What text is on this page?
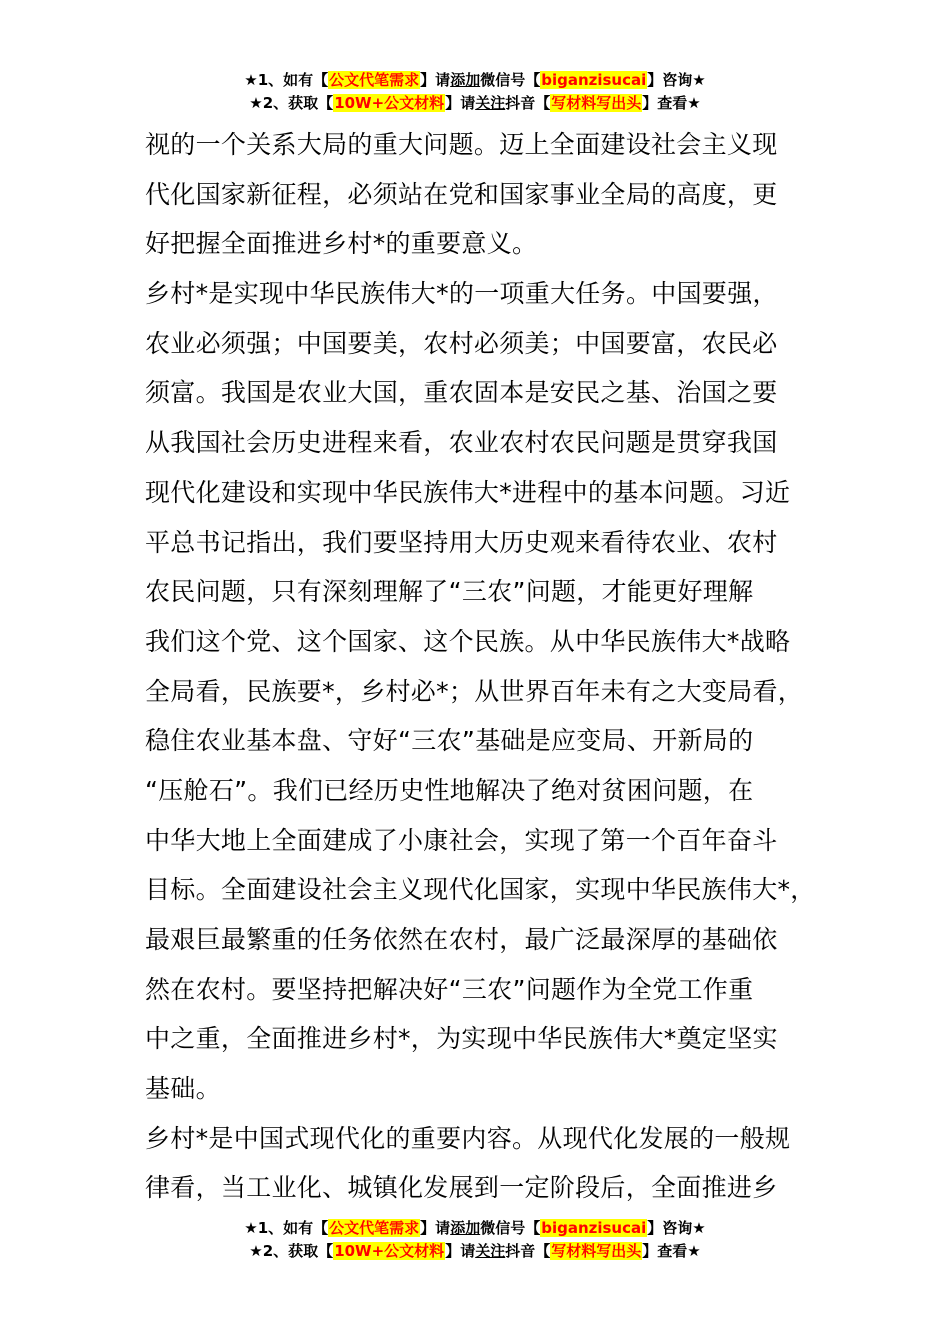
★1、如有【公文代笔需求】请添加微信号【biganzisucai】咨询★
★2、获取【10W+公文材料】请关注抖音【写材料写出头】查看★
视的一个关系大局的重大问题。迈上全面建设社会主义现
代化国家新征程，必须站在党和国家事业全局的高度，更
好把握全面推进乡村*的重要意义。
乡村*是实现中华民族伟大*的一项重大任务。中国要强，
农业必须强；中国要美，农村必须美；中国要富，农民必
须富。我国是农业大国，重农固本是安民之基、治国之要
从我国社会历史进程来看，农业农村农民问题是贯穿我国
现代化建设和实现中华民族伟大*进程中的基本问题。习近
平总书记指出，我们要坚持用大历史观来看待农业、农村
农民问题，只有深刻理解了“三农”问题，才能更好理解
我们这个党、这个国家、这个民族。从中华民族伟大*战略
全局看，民族要*，乡村必*；从世界百年未有之大变局看，
稳住农业基本盘、守好“三农”基础是应变局、开新局的
“压舱石”。我们已经历史性地解决了绝对贫困问题，在
中华大地上全面建成了小康社会，实现了第一个百年奋斗
目标。全面建设社会主义现代化国家，实现中华民族伟大*，
最艰巨最繁重的任务依然在农村，最广泛最深厚的基础依
然在农村。要坚持把解决好“三农”问题作为全党工作重
中之重，全面推进乡村*，为实现中华民族伟大*奠定坚实
基础。
乡村*是中国式现代化的重要内容。从现代化发展的一般规
律看，当工业化、城镇化发展到一定阶段后，全面推进乡
★1、如有【公文代笔需求】请添加微信号【biganzisucai】咨询★
★2、获取【10W+公文材料】请关注抖音【写材料写出头】查看★
